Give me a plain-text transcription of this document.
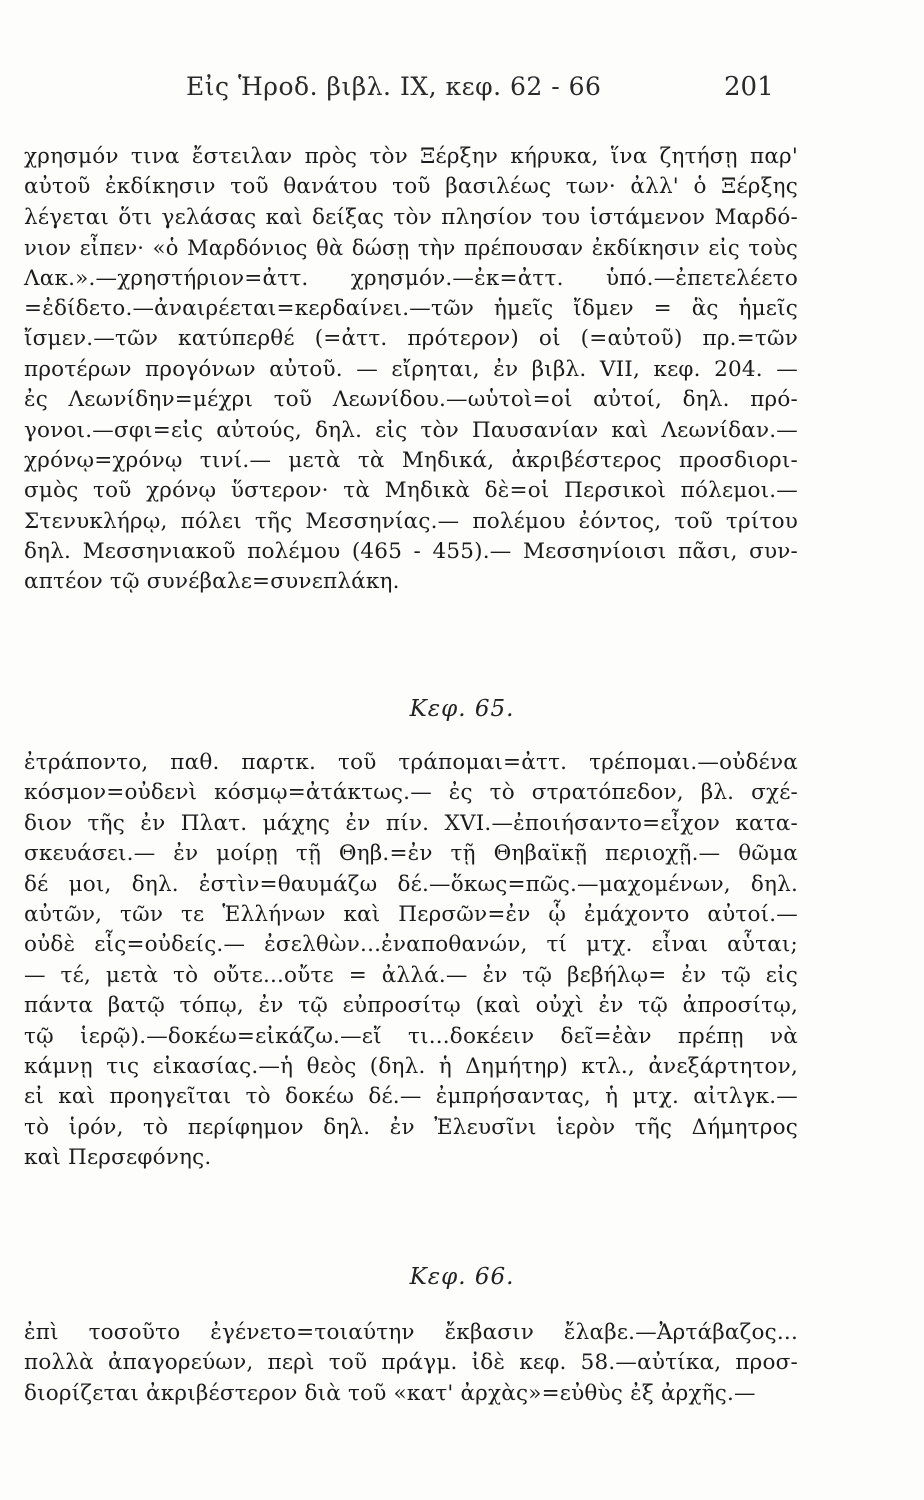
Εἰς Ἡροδ. βιβλ. IX, κεφ. 62 - 66	201
χρησμόν τινα ἔστειλαν πρὸς τὸν Ξέρξην κήρυκα, ἵνα ζητήσῃ παρ'
αὐτοῦ ἐκδίκησιν τοῦ θανάτου τοῦ βασιλέως των· ἀλλ' ὁ Ξέρξης
λέγεται ὅτι γελάσας καὶ δείξας τὸν πλησίον του ἱστάμενον Μαρδό-
νιον εἶπεν· «ὁ Μαρδόνιος θὰ δώσῃ τὴν πρέπουσαν ἐκδίκησιν εἰς τοὺς
Λακ.».—χρηστήριον=ἀττ. χρησμόν.—ἐκ=ἀττ. ὑπό.—ἐπετελέετο
=ἐδίδετο.—ἀναιρέεται=κερδαίνει.—τῶν ἡμεῖς ἴδμεν = ἃς ἡμεῖς
ἴσμεν.—τῶν κατύπερθέ (=ἀττ. πρότερον) οἱ (=αὐτοῦ) πρ.=τῶν
προτέρων προγόνων αὐτοῦ. — εἴρηται, ἐν βιβλ. VII, κεφ. 204. —
ἐς Λεωνίδην=μέχρι τοῦ Λεωνίδου.—ωὑτοὶ=οἱ αὐτοί, δηλ. πρό-
γονοι.—σφι=εἰς αὐτούς, δηλ. εἰς τὸν Παυσανίαν καὶ Λεωνίδαν.—
χρόνῳ=χρόνῳ τινί.— μετὰ τὰ Μηδικά, ἀκριβέστερος προσδιορι-
σμὸς τοῦ χρόνῳ ὕστερον· τὰ Μηδικὰ δὲ=οἱ Περσικοὶ πόλεμοι.—
Στενυκλήρῳ, πόλει τῆς Μεσσηνίας.— πολέμου ἐόντος, τοῦ τρίτου
δηλ. Μεσσηνιακοῦ πολέμου (465 - 455).— Μεσσηνίοισι πᾶσι, συν-
απτέον τῷ συνέβαλε=συνεπλάκη.
Κεφ. 65.
ἐτράποντο, παθ. παρτκ. τοῦ τράπομαι=ἀττ. τρέπομαι.—οὐδένα
κόσμον=οὐδενὶ κόσμῳ=ἀτάκτως.— ἐς τὸ στρατόπεδον, βλ. σχέ-
διον τῆς ἐν Πλατ. μάχης ἐν πίν. XVI.—ἐποιήσαντο=εἶχον κατα-
σκευάσει.— ἐν μοίρῃ τῇ Θηβ.=ἐν τῇ Θηβαϊκῇ περιοχῇ.— θῶμα
δέ μοι, δηλ. ἐστὶν=θαυμάζω δέ.—ὅκως=πῶς.—μαχομένων, δηλ.
αὐτῶν, τῶν τε Ἑλλήνων καὶ Περσῶν=ἐν ᾧ ἐμάχοντο αὐτοί.—
οὐδὲ εἷς=οὐδείς.— ἐσελθὼν...ἐναποθανών, τί μτχ. εἶναι αὗται;
— τέ, μετὰ τὸ οὔτε...οὔτε = ἀλλά.— ἐν τῷ βεβήλῳ= ἐν τῷ εἰς
πάντα βατῷ τόπῳ, ἐν τῷ εὐπροσίτῳ (καὶ οὐχὶ ἐν τῷ ἀπροσίτῳ,
τῷ ἱερῷ).—δοκέω=εἰκάζω.—εἴ τι...δοκέειν δεῖ=ἐὰν πρέπῃ νὰ
κάμνῃ τις εἰκασίας.—ἡ θεὸς (δηλ. ἡ Δημήτηρ) κτλ., ἀνεξάρτητον,
εἰ καὶ προηγεῖται τὸ δοκέω δέ.— ἐμπρήσαντας, ἡ μτχ. αἰτλγκ.—
τὸ ἱρόν, τὸ περίφημον δηλ. ἐν Ἐλευσῖνι ἱερὸν τῆς Δήμητρος
καὶ Περσεφόνης.
Κεφ. 66.
ἐπὶ τοσοῦτο ἐγένετο=τοιαύτην ἔκβασιν ἔλαβε.—Ἀρτάβαζος...
πολλὰ ἀπαγορεύων, περὶ τοῦ πράγμ. ἰδὲ κεφ. 58.—αὐτίκα, προσ-
διορίζεται ἀκριβέστερον διὰ τοῦ «κατ' ἀρχὰς»=εὐθὺς ἐξ ἀρχῆς.—
